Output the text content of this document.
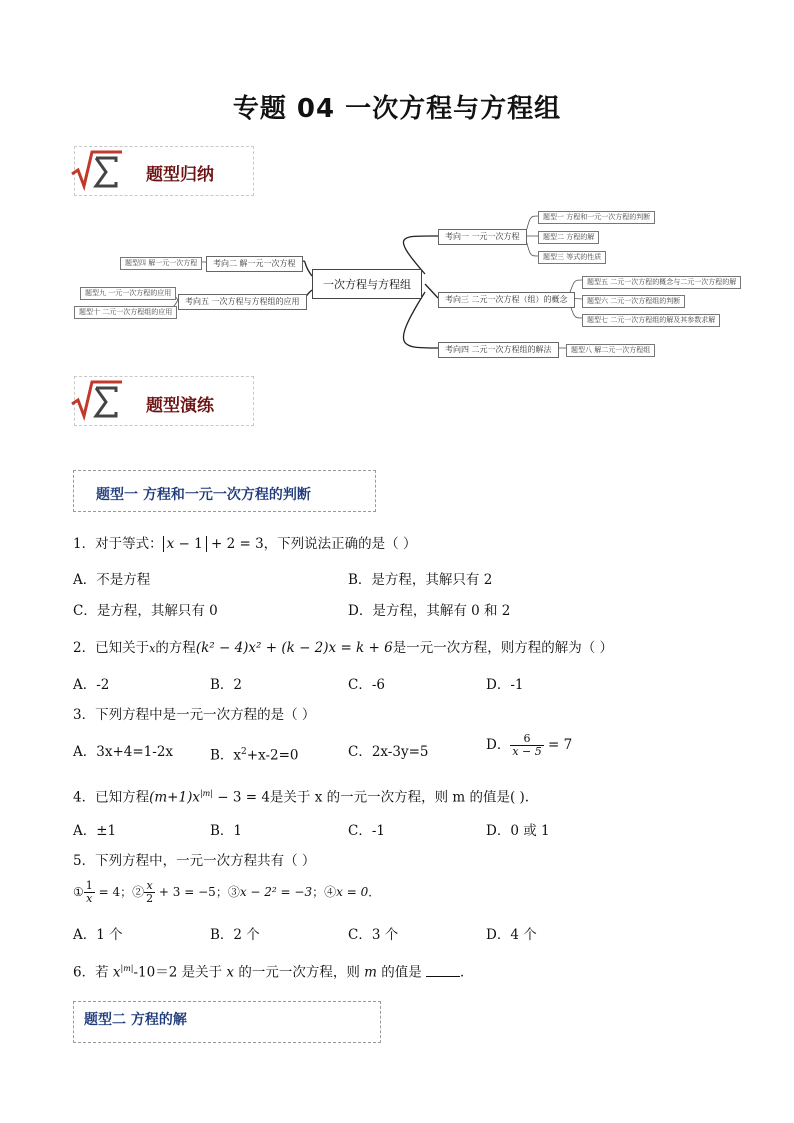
专题 04 一次方程与方程组
题型归纳
一次方程与方程组
考向一 一元一次方程
题型一 方程和一元一次方程的判断
题型二 方程的解
题型三 等式的性质
考向三 二元一次方程（组）的概念
题型五 二元一次方程的概念与二元一次方程的解
题型六 二元一次方程组的判断
题型七 二元一次方程组的解及其参数求解
考向四 二元一次方程组的解法	题型八 解二元一次方程组
考向二 解一元一次方程
题型四 解一元一次方程
考向五 一次方程与方程组的应用
题型九 一元一次方程的应用
题型十 二元一次方程组的应用
题型演练
题型一 方程和一元一次方程的判断
1．对于等式： x − 1 + 2 = 3，下列说法正确的是（ ）
A．不是方程	B．是方程，其解只有 2
C．是方程，其解只有 0	D．是方程，其解有 0 和 2
2．已知关于x的方程(k² − 4)x² + (k − 2)x = k + 6是一元一次方程，则方程的解为（ ）
A．-2	B．2	C．-6	D．-1
3．下列方程中是一元一次方程的是（ ）
A．3x+4=1-2x	B．$x^2+x-2=0$	C．2x-3y=5	D． $\frac{6}{x - 5} = 7$
4．已知方程$(m+1)x^{|m|} - 3 = 4$是关于 x 的一元一次方程，则 m 的值是( ).
A．±1	B．1	C．-1	D．0 或 1
5．下列方程中，一元一次方程共有（ ）
① $\frac{1}{x} = 4$；② $\frac{x}{2} + 3 = -5$；③x − 2² = −3；④x = 0．
A．1 个	B．2 个	C．3 个	D．4 个
6．若 $x^{|m|}-10=2$ 是关于 x 的一元一次方程，则 m 的值是	．
题型二 方程的解
